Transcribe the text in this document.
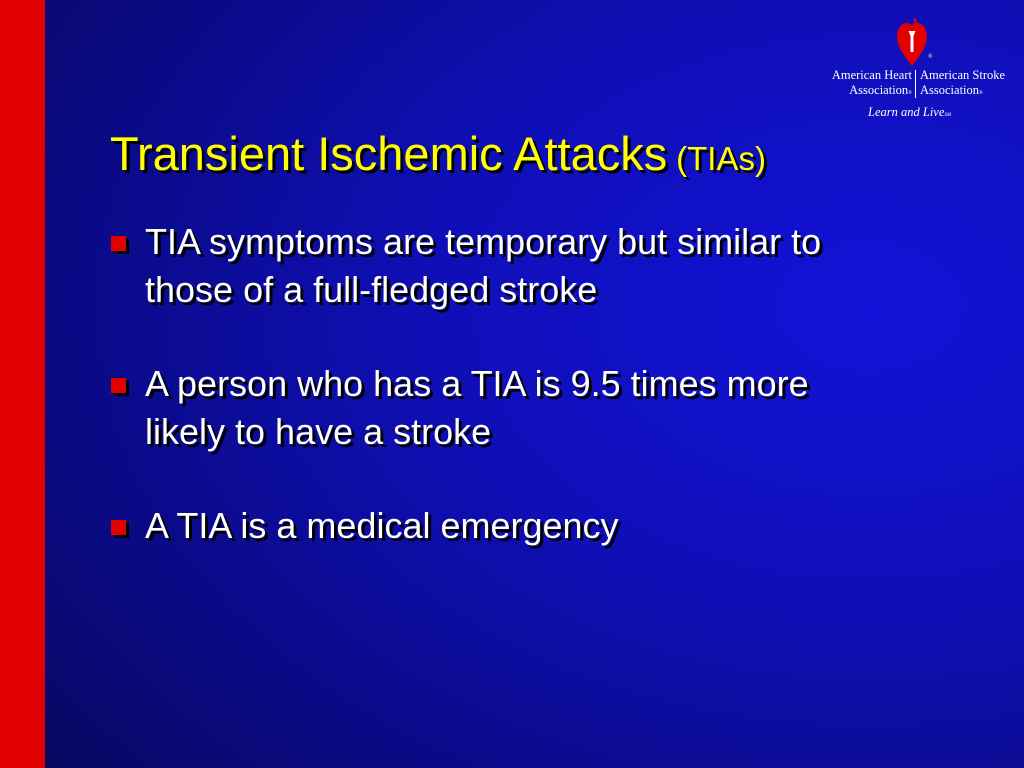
®
American Heart
Association®
American Stroke
Association®
Learn and LiveSM
Transient Ischemic Attacks (TIAs)
TIA symptoms are temporary but similar to those of a full-fledged stroke
A person who has a TIA is 9.5 times more likely to have a stroke
A TIA is a medical emergency
